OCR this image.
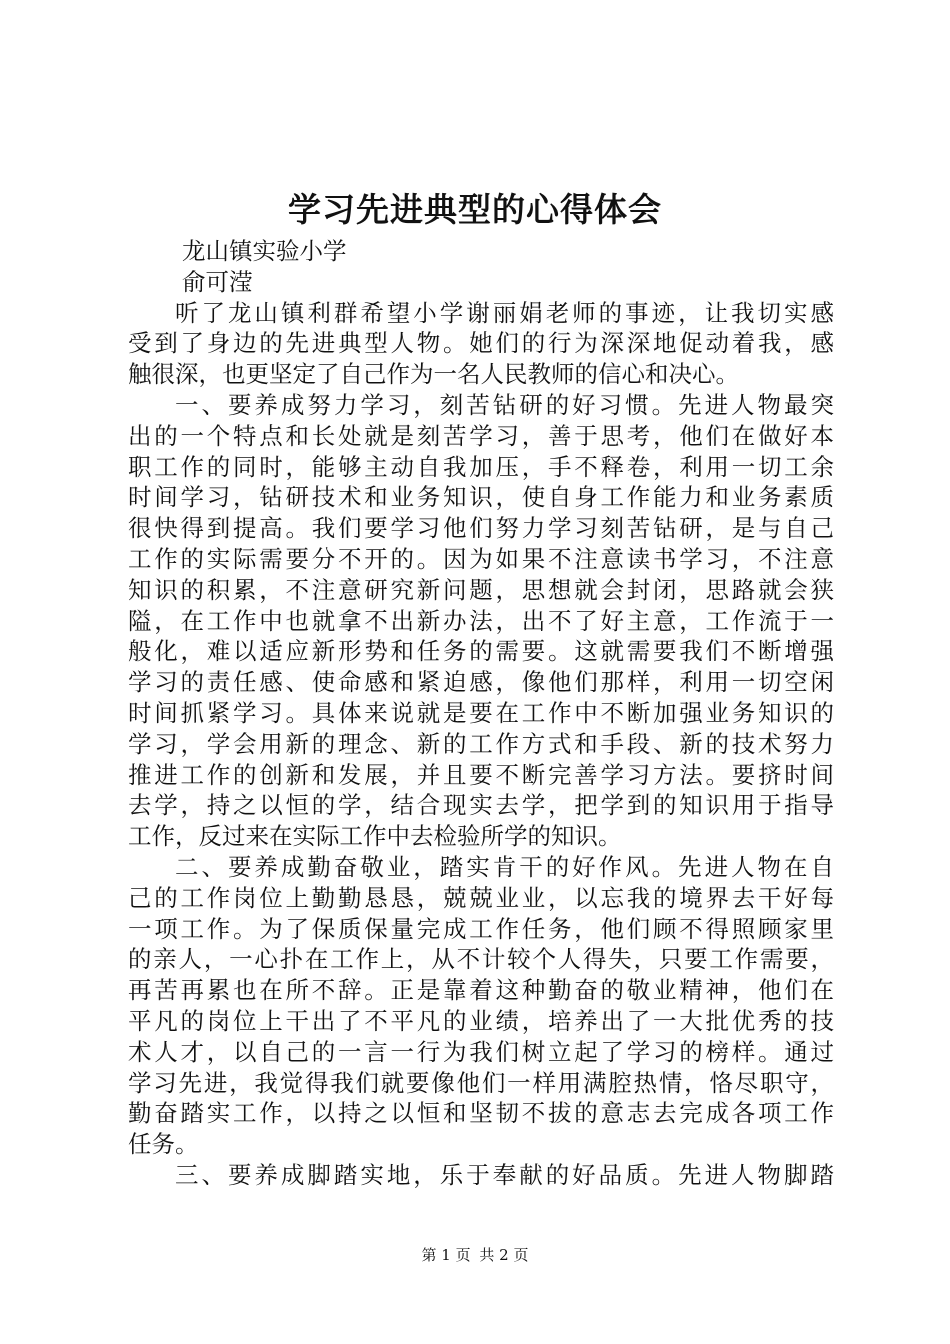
学习先进典型的心得体会
龙山镇实验小学
俞可滢
听了龙山镇利群希望小学谢丽娟老师的事迹，让我切实感
受到了身边的先进典型人物。她们的行为深深地促动着我，感
触很深，也更坚定了自己作为一名人民教师的信心和决心。
一、要养成努力学习，刻苦钻研的好习惯。先进人物最突
出的一个特点和长处就是刻苦学习，善于思考，他们在做好本
职工作的同时，能够主动自我加压，手不释卷，利用一切工余
时间学习，钻研技术和业务知识，使自身工作能力和业务素质
很快得到提高。我们要学习他们努力学习刻苦钻研，是与自己
工作的实际需要分不开的。因为如果不注意读书学习，不注意
知识的积累，不注意研究新问题，思想就会封闭，思路就会狭
隘，在工作中也就拿不出新办法，出不了好主意，工作流于一
般化，难以适应新形势和任务的需要。这就需要我们不断增强
学习的责任感、使命感和紧迫感，像他们那样，利用一切空闲
时间抓紧学习。具体来说就是要在工作中不断加强业务知识的
学习，学会用新的理念、新的工作方式和手段、新的技术努力
推进工作的创新和发展，并且要不断完善学习方法。要挤时间
去学，持之以恒的学，结合现实去学，把学到的知识用于指导
工作，反过来在实际工作中去检验所学的知识。
二、要养成勤奋敬业，踏实肯干的好作风。先进人物在自
己的工作岗位上勤勤恳恳，兢兢业业，以忘我的境界去干好每
一项工作。为了保质保量完成工作任务，他们顾不得照顾家里
的亲人，一心扑在工作上，从不计较个人得失，只要工作需要，
再苦再累也在所不辞。正是靠着这种勤奋的敬业精神，他们在
平凡的岗位上干出了不平凡的业绩，培养出了一大批优秀的技
术人才，以自己的一言一行为我们树立起了学习的榜样。通过
学习先进，我觉得我们就要像他们一样用满腔热情，恪尽职守，
勤奋踏实工作，以持之以恒和坚韧不拔的意志去完成各项工作
任务。
三、要养成脚踏实地，乐于奉献的好品质。先进人物脚踏
第 1 页 共 2 页
